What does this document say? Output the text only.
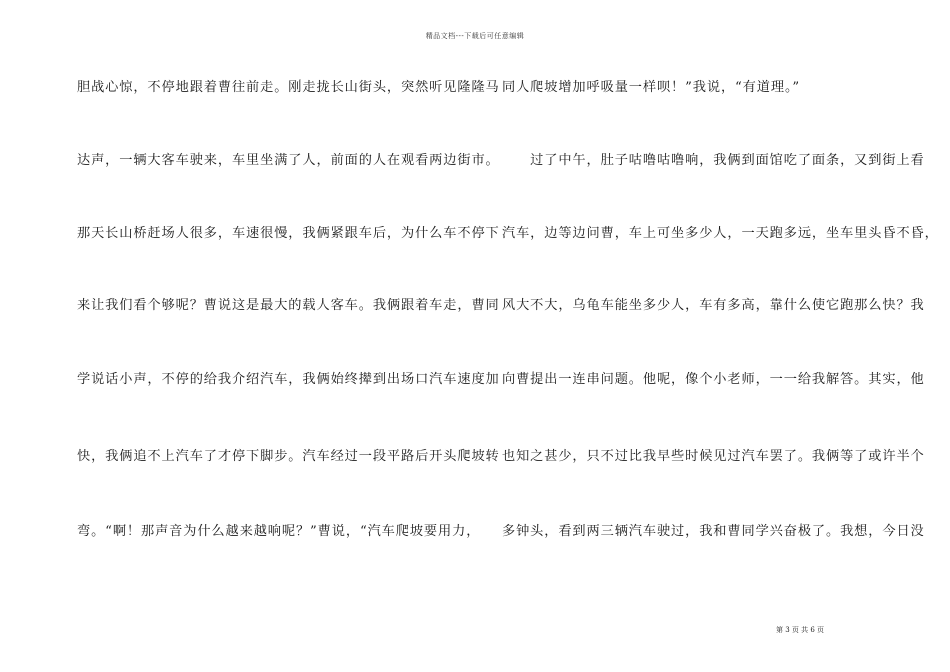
精品文档---下载后可任意编辑
胆战心惊，不停地跟着曹往前走。刚走拢长山街头，突然听见隆隆马
达声，一辆大客车驶来，车里坐满了人，前面的人在观看两边街市。
那天长山桥赶场人很多，车速很慢，我俩紧跟车后，为什么车不停下
来让我们看个够呢？曹说这是最大的载人客车。我俩跟着车走，曹同
学说话小声，不停的给我介绍汽车，我俩始终撵到出场口汽车速度加
快，我俩追不上汽车了才停下脚步。汽车经过一段平路后开头爬坡转
弯。“啊！那声音为什么越来越响呢？”曹说，“汽车爬坡要用力，
同人爬坡增加呼吸量一样呗！”我说，“有道理。”
　　过了中午，肚子咕噜咕噜响，我俩到面馆吃了面条，又到街上看
汽车，边等边问曹，车上可坐多少人，一天跑多远，坐车里头昏不昏，
风大不大，乌龟车能坐多少人，车有多高，靠什么使它跑那么快？我
向曹提出一连串问题。他呢，像个小老师，一一给我解答。其实，他
也知之甚少，只不过比我早些时候见过汽车罢了。我俩等了或许半个
多钟头，看到两三辆汽车驶过，我和曹同学兴奋极了。我想，今日没
第 3 页 共 6 页
